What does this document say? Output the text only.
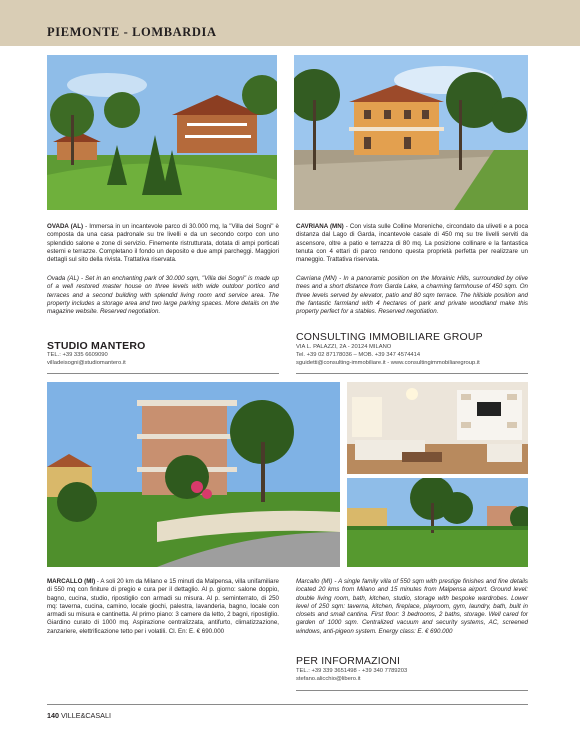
PIEMONTE - LOMBARDIA
OVADA (AL) - Immersa in un incantevole parco di 30.000 mq, la "Villa dei Sogni" è composta da una casa padronale su tre livelli e da un secondo corpo con uno splendido salone e zone di servizio. Finemente ristrutturata, dotata di ampi porticati esterni e terrazze. Completano il fondo un deposito e due ampi parcheggi. Maggiori dettagli sul sito della rivista. Trattativa riservata.
Ovada (AL) - Set in an enchanting park of 30.000 sqm, "Villa dei Sogni" is made up of a well restored master house on three levels with wide outdoor portico and terraces and a second building with splendid living room and service area. The property includes a storage area and two large parking spaces. More details on the magazine website. Reserved negotiation.
STUDIO MANTERO
TEL.: +39 335 6609090
villadeisogni@studiomantero.it
CAVRIANA (MN) - Con vista sulle Colline Moreniche, circondato da uliveti e a poca distanza dal Lago di Garda, incantevole casale di 450 mq su tre livelli serviti da ascensore, oltre a patio e terrazza di 80 mq. La posizione collinare e la fantastica tenuta con 4 ettari di parco rendono questa proprietà perfetta per realizzare un maneggio. Trattativa riservata.
Cavriana (MN) - In a panoramic position on the Morainic Hills, surrounded by olive trees and a short distance from Garda Lake, a charming farmhouse of 450 sqm. On three levels served by elevator, patio and 80 sqm terrace. The hillside position and the fantastic farmland with 4 hectares of park and private woodland make this property perfect for a stables. Reserved negotiation.
CONSULTING IMMOBILIARE GROUP
VIA L. PALAZZI, 2A - 20124 MILANO
Tel. +39 02 87178036 – MOB. +39 347 4574414
sguidetti@consulting-immobiliare.it - www.consultingimmobiliaregroup.it
MARCALLO (MI) - A soli 20 km da Milano e 15 minuti da Malpensa, villa unifamiliare di 550 mq con finiture di pregio e cura per il dettaglio. Al p. giorno: salone doppio, bagno, cucina, studio, ripostiglio con armadi su misura. Al p. seminterrato, di 250 mq: taverna, cucina, camino, locale giochi, palestra, lavanderia, bagno, locale con armadi su misura e cantinetta. Al primo piano: 3 camere da letto, 2 bagni, ripostiglio. Giardino curato di 1000 mq. Aspirazione centralizzata, antifurto, climatizzazione, zanzariere, elettrificazione tetto per i volatili. Cl. En: E. € 690.000
Marcallo (MI) - A single family villa of 550 sqm with prestige finishes and fine details located 20 kms from Milano and 15 minutes from Malpensa airport. Ground level: double living room, bath, kitchen, studio, storage with bespoke wardrobes. Lower level of 250 sqm: taverna, kitchen, fireplace, playroom, gym, laundry, bath, built in closets and small cantina. First floor: 3 bedrooms, 2 baths, storage. Well cared for garden of 1000 sqm. Centralized vacuum and security systems, AC, screened windows, anti-pigeon system. Energy class: E. € 690.000
PER INFORMAZIONI
TEL.: +39 339 3651498 - +39 340 7789203
stefano.alicchio@libero.it
140 VILLE&CASALI
